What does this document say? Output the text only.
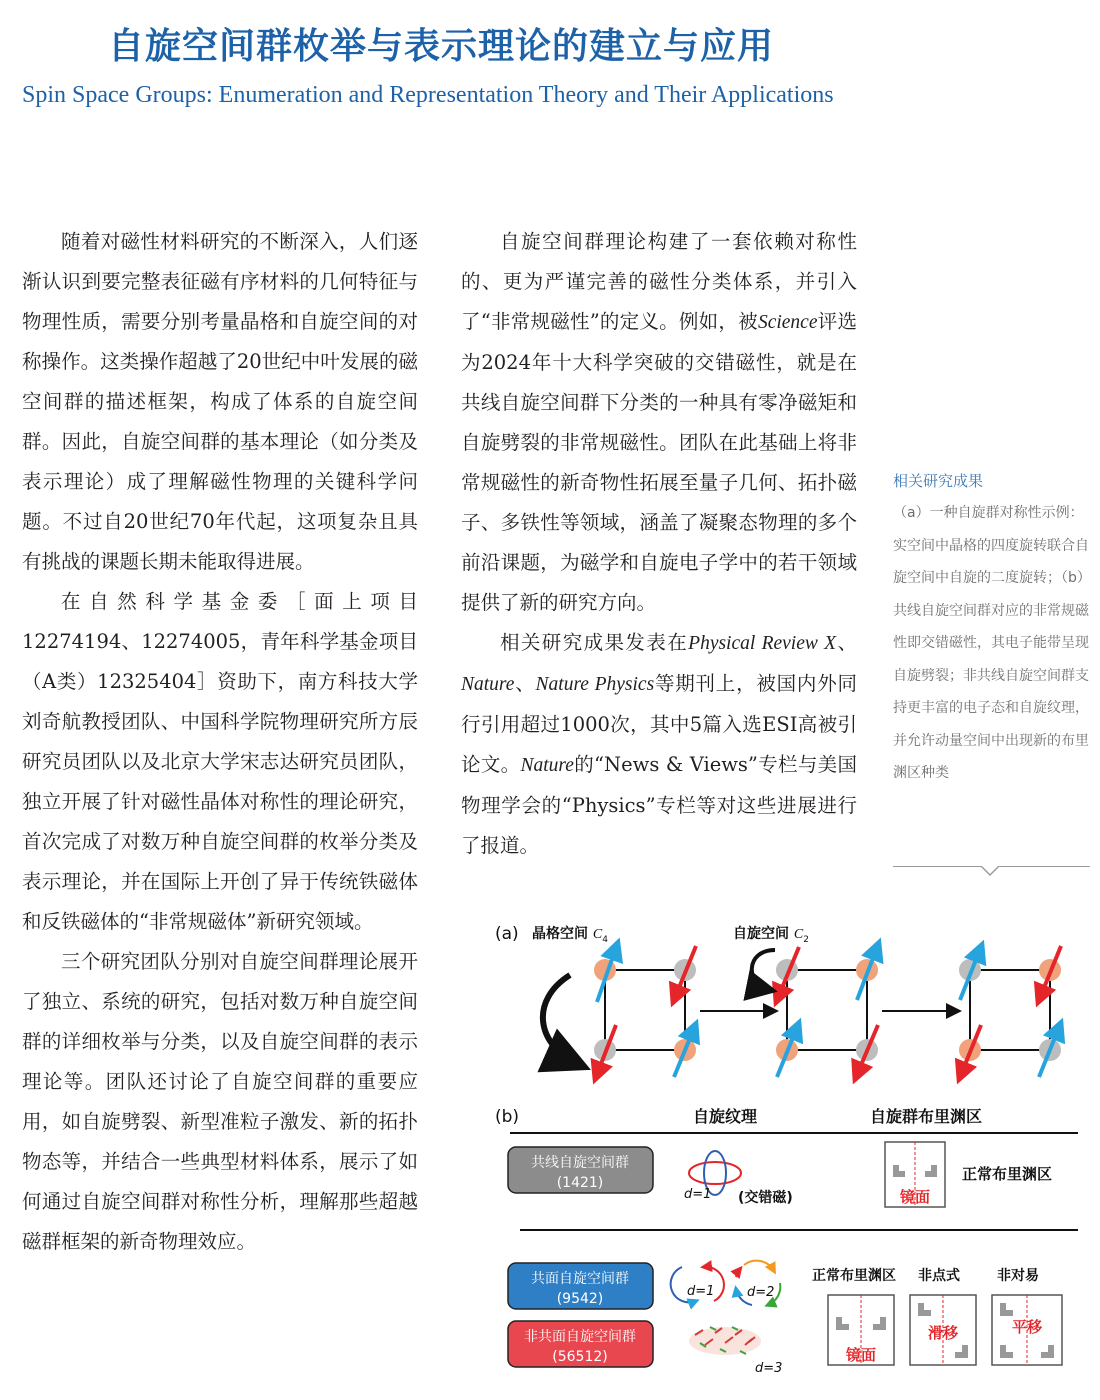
自旋空间群枚举与表示理论的建立与应用
Spin Space Groups: Enumeration and Representation Theory and Their Applications

随着对磁性材料研究的不断深入，人们逐渐认识到要完整表征磁有序材料的几何特征与物理性质，需要分别考量晶格和自旋空间的对称操作。这类操作超越了20世纪中叶发展的磁空间群的描述框架，构成了体系的自旋空间群。因此，自旋空间群的基本理论（如分类及表示理论）成了理解磁性物理的关键科学问题。不过自20世纪70年代起，这项复杂且具有挑战的课题长期未能取得进展。

在自然科学基金委［面上项目12274194、12274005，青年科学基金项目（A类）12325404］资助下，南方科技大学刘奇航教授团队、中国科学院物理研究所方辰研究员团队以及北京大学宋志达研究员团队，独立开展了针对磁性晶体对称性的理论研究，首次完成了对数万种自旋空间群的枚举分类及表示理论，并在国际上开创了异于传统铁磁体和反铁磁体的“非常规磁体”新研究领域。

三个研究团队分别对自旋空间群理论展开了独立、系统的研究，包括对数万种自旋空间群的详细枚举与分类，以及自旋空间群的表示理论等。团队还讨论了自旋空间群的重要应用，如自旋劈裂、新型准粒子激发、新的拓扑物态等，并结合一些典型材料体系，展示了如何通过自旋空间群对称性分析，理解那些超越磁群框架的新奇物理效应。

自旋空间群理论构建了一套依赖对称性的、更为严谨完善的磁性分类体系，并引入了“非常规磁性”的定义。例如，被Science评选为2024年十大科学突破的交错磁性，就是在共线自旋空间群下分类的一种具有零净磁矩和自旋劈裂的非常规磁性。团队在此基础上将非常规磁性的新奇物性拓展至量子几何、拓扑磁子、多铁性等领域，涵盖了凝聚态物理的多个前沿课题，为磁学和自旋电子学中的若干领域提供了新的研究方向。

相关研究成果发表在Physical Review X、Nature、Nature Physics等期刊上，被国内外同行引用超过1000次，其中5篇入选ESI高被引论文。Nature的“News & Views”专栏与美国物理学会的“Physics”专栏等对这些进展进行了报道。

相关研究成果
（a）一种自旋群对称性示例：实空间中晶格的四度旋转联合自旋空间中自旋的二度旋转；（b）共线自旋空间群对应的非常规磁性即交错磁性，其电子能带呈现自旋劈裂；非共线自旋空间群支持更丰富的电子态和自旋纹理，并允许动量空间中出现新的布里渊区种类
(a) 晶格空间 $C_4$	自旋空间 $C_2$
(b)	自旋纹理	自旋群布里渊区
共线自旋空间群
(1421)
d=1 (交错磁)	镜面
正常布里渊区
共面自旋空间群
(9542)
非共面自旋空间群
(56512)
d=1	d=2
d=3
正常布里渊区 非点式	非对易
镜面
滑移	平移
